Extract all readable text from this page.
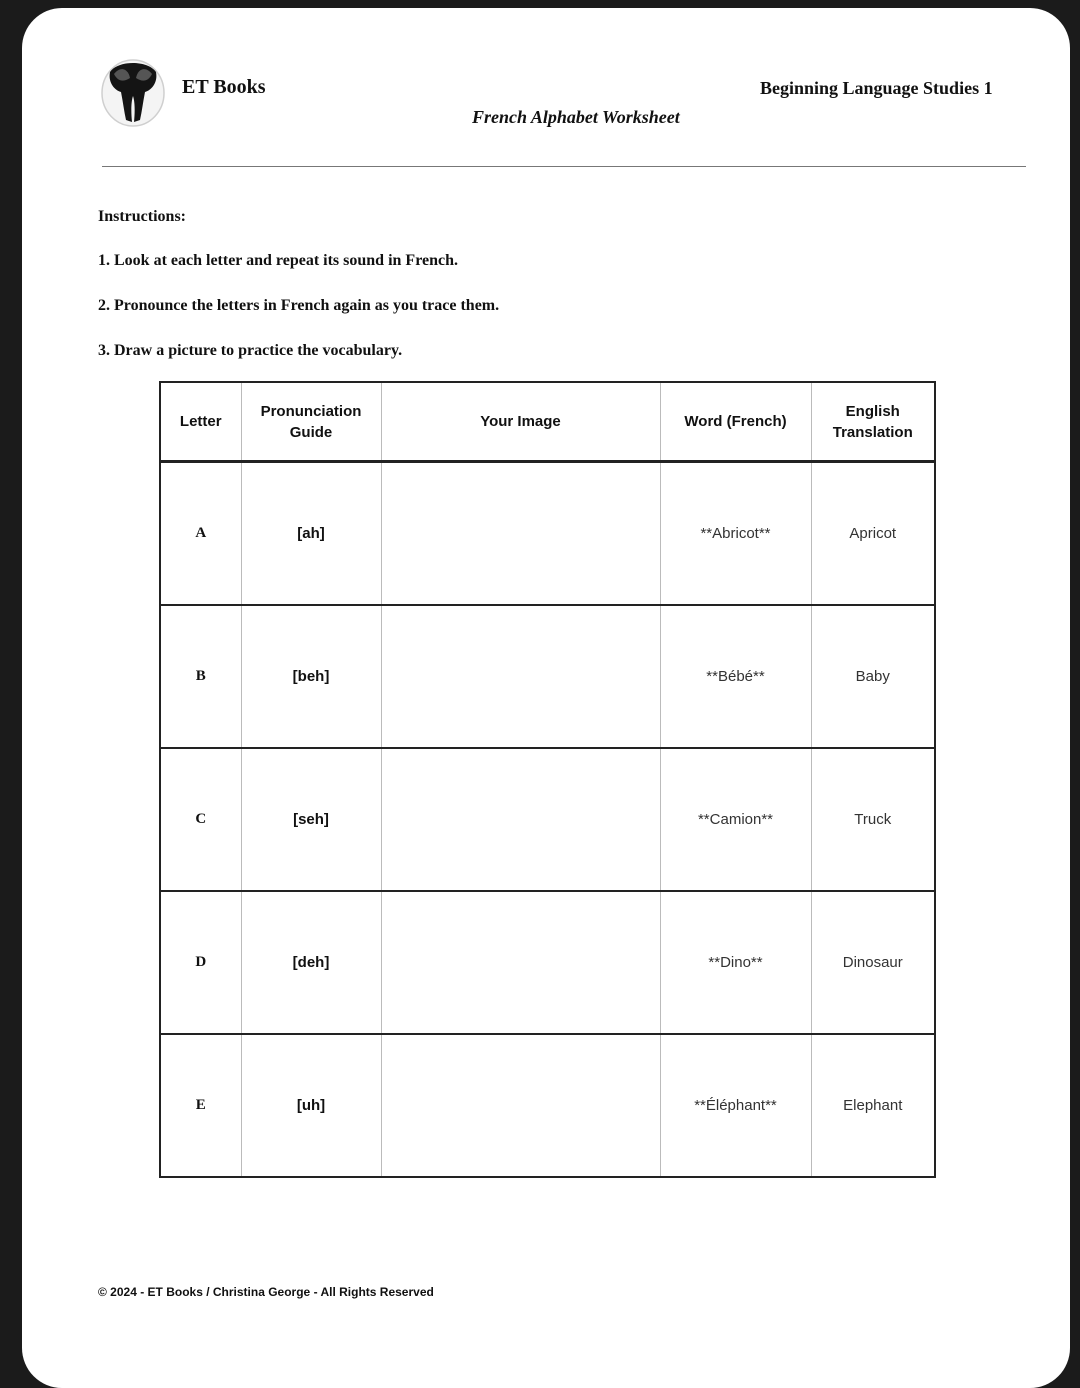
ET Books	Beginning Language Studies 1
French Alphabet Worksheet
Instructions:
1. Look at each letter and repeat its sound in French.
2. Pronounce the letters in French again as you trace them.
3. Draw a picture to practice the vocabulary.
Letter	Pronunciation Guide	Your Image	Word (French)	English Translation
A	[ah]		**Abricot**	Apricot
B	[beh]		**Bébé**	Baby
C	[seh]		**Camion**	Truck
D	[deh]		**Dino**	Dinosaur
E	[uh]		**Éléphant**	Elephant
© 2024 - ET Books / Christina George - All Rights Reserved
